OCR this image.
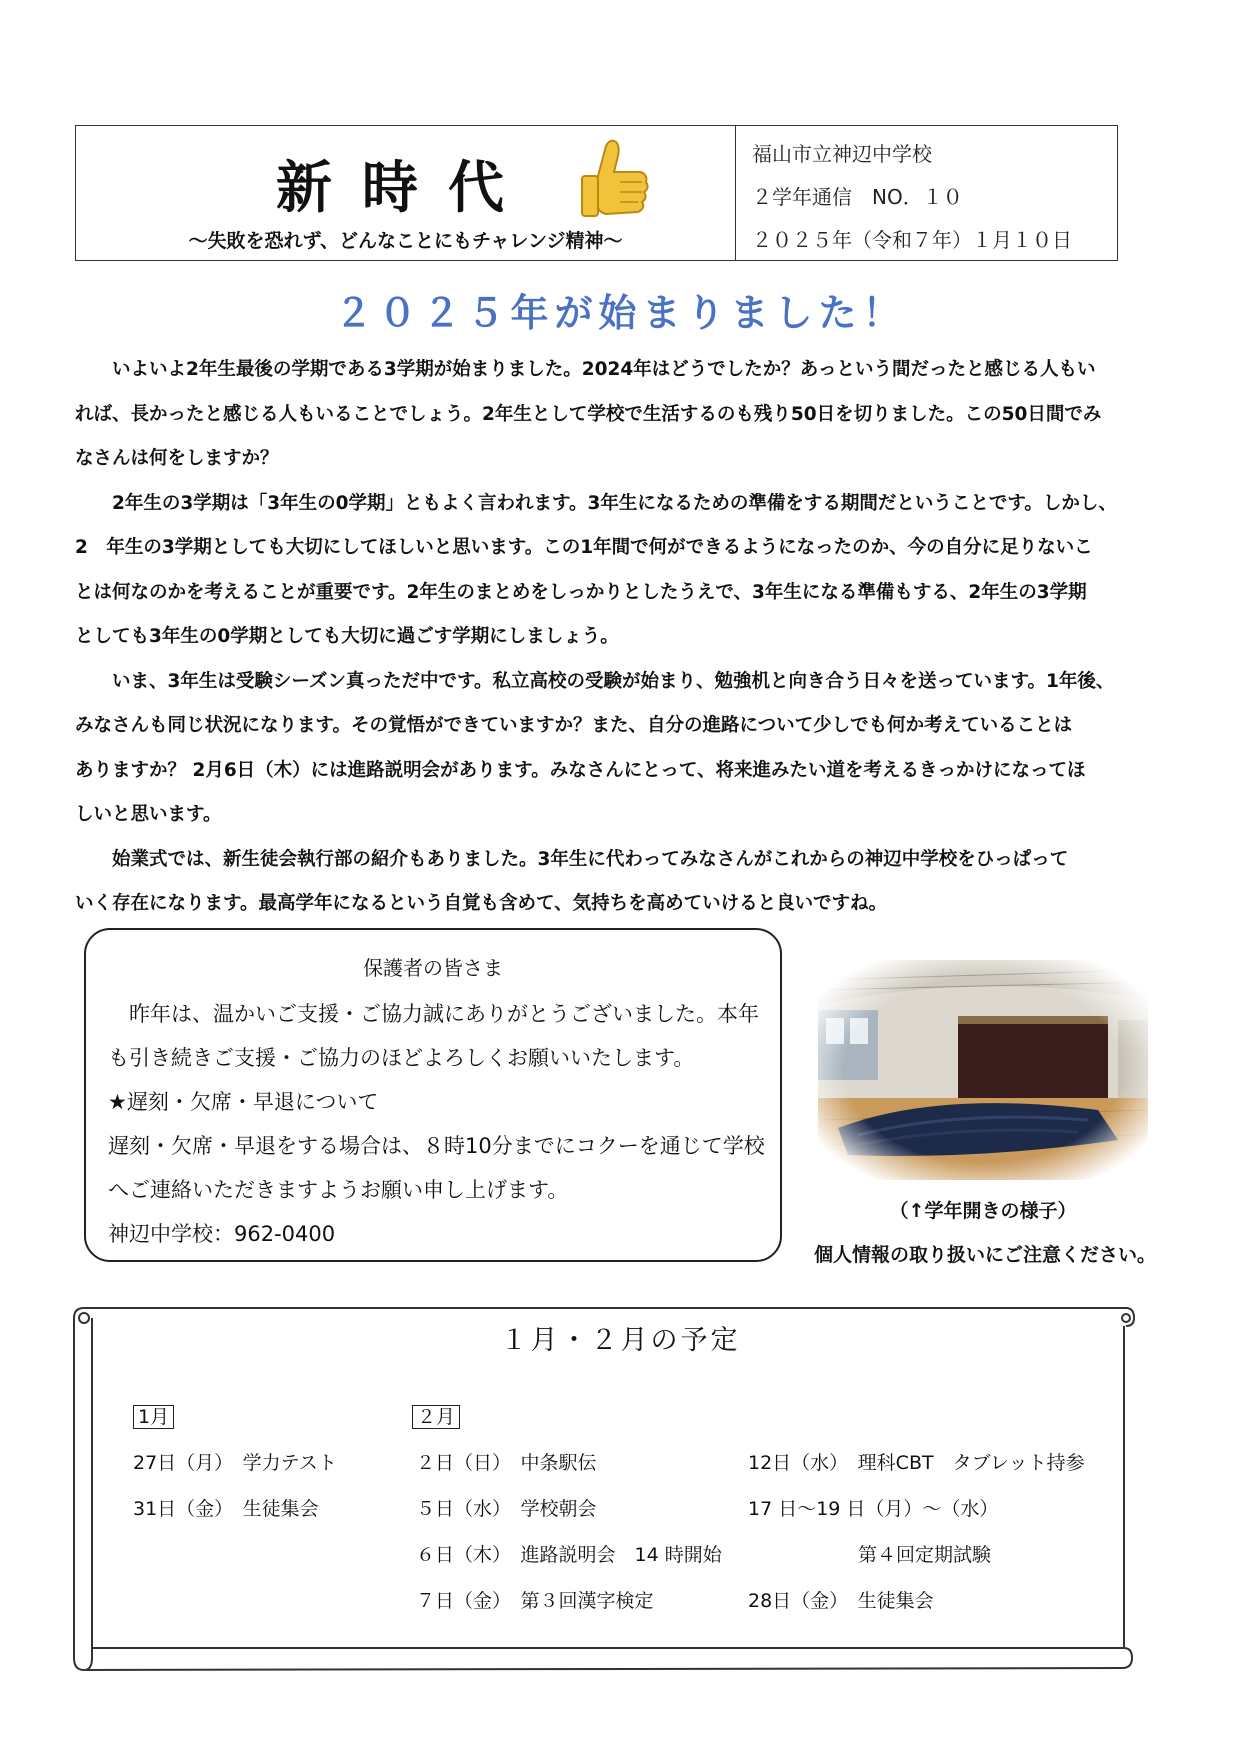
新時代
～失敗を恐れず、どんなことにもチャレンジ精神～
福山市立神辺中学校
２学年通信　NO．１０
２０２５年（令和７年）１月１０日
２０２５年が始まりました！

いよいよ2年生最後の学期である3学期が始まりました。2024年はどうでしたか？あっという間だったと感じる人もい
れば、長かったと感じる人もいることでしょう。2年生として学校で生活するのも残り50日を切りました。この50日間でみ
なさんは何をしますか？

2年生の3学期は「3年生の0学期」ともよく言われます。3年生になるための準備をする期間だということです。しかし、
2　年生の3学期としても大切にしてほしいと思います。この1年間で何ができるようになったのか、今の自分に足りないこ
とは何なのかを考えることが重要です。2年生のまとめをしっかりとしたうえで、3年生になる準備もする、2年生の3学期
としても3年生の0学期としても大切に過ごす学期にしましょう。

いま、3年生は受験シーズン真っただ中です。私立高校の受験が始まり、勉強机と向き合う日々を送っています。1年後、
みなさんも同じ状況になります。その覚悟ができていますか？また、自分の進路について少しでも何か考えていることは
ありますか？ 2月6日（木）には進路説明会があります。みなさんにとって、将来進みたい道を考えるきっかけになってほ
しいと思います。

始業式では、新生徒会執行部の紹介もありました。3年生に代わってみなさんがこれからの神辺中学校をひっぱって
いく存在になります。最高学年になるという自覚も含めて、気持ちを高めていけると良いですね。

保護者の皆さま
　昨年は、温かいご支援・ご協力誠にありがとうございました。本年
も引き続きご支援・ご協力のほどよろしくお願いいたします。
★遅刻・欠席・早退について
遅刻・欠席・早退をする場合は、８時10分までにコクーを通じて学校
へご連絡いただきますようお願い申し上げます。
神辺中学校：962-0400
（↑学年開きの様子）
個人情報の取り扱いにご注意ください。
１月・２月の予定
1月	２月
27日（月）　学力テスト
31日（金）　生徒集会
２日（日）　中条駅伝
５日（水）　学校朝会
６日（木）　進路説明会　14 時開始
７日（金）　第３回漢字検定
12日（水）　理科CBT　タブレット持参
17 日～19 日（月）～（水）
第４回定期試験
28日（金）　生徒集会
